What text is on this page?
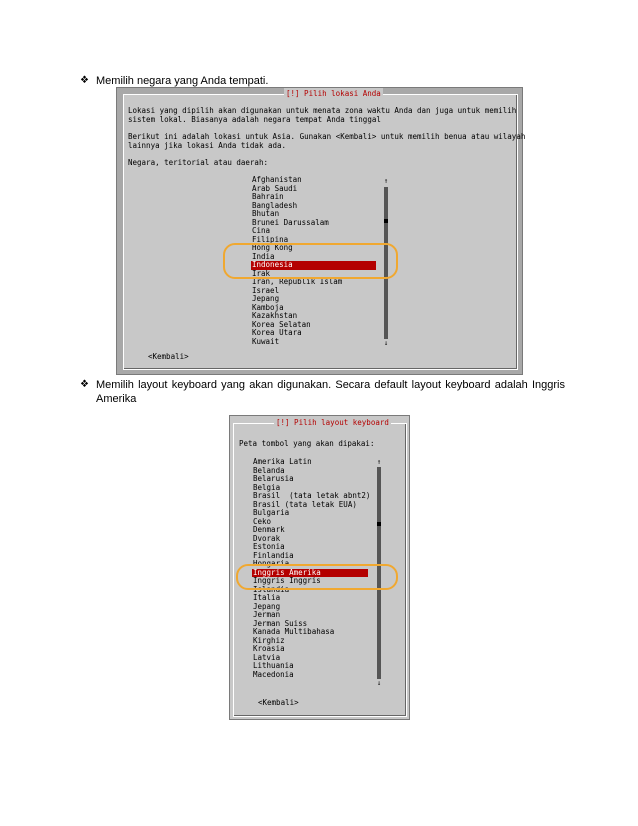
❖ Memilih negara yang Anda tempati.
[!] Pilih lokasi Anda
Lokasi yang dipilih akan digunakan untuk menata zona waktu Anda dan juga untuk memilih
sistem lokal. Biasanya adalah negara tempat Anda tinggal
Berikut ini adalah lokasi untuk Asia. Gunakan <Kembali> untuk memilih benua atau wilayah
lainnya jika lokasi Anda tidak ada.
Negara, teritorial atau daerah:
Afghanistan
Arab Saudi
Bahrain
Bangladesh
Bhutan
Brunei Darussalam
Cina
Filipina
Hong Kong
India
Indonesia
Irak
Iran, Republik Islam
Israel
Jepang
Kamboja
Kazakhstan
Korea Selatan
Korea Utara
Kuwait
↑
↓
<Kembali>
❖ Memilih layout keyboard yang akan digunakan. Secara default layout keyboard adalah Inggris Amerika
[!] Pilih layout keyboard
Peta tombol yang akan dipakai:
Amerika Latin
Belanda
Belarusia
Belgia
Brasil  (tata letak abnt2)
Brasil (tata letak EUA)
Bulgaria
Ceko
Denmark
Dvorak
Estonia
Finlandia
Hongaria
Inggris Amerika
Inggris Inggris
Islandia
Italia
Jepang
Jerman
Jerman Suiss
Kanada Multibahasa
Kirghiz
Kroasia
Latvia
Lithuania
Macedonia
↑
↓
<Kembali>
